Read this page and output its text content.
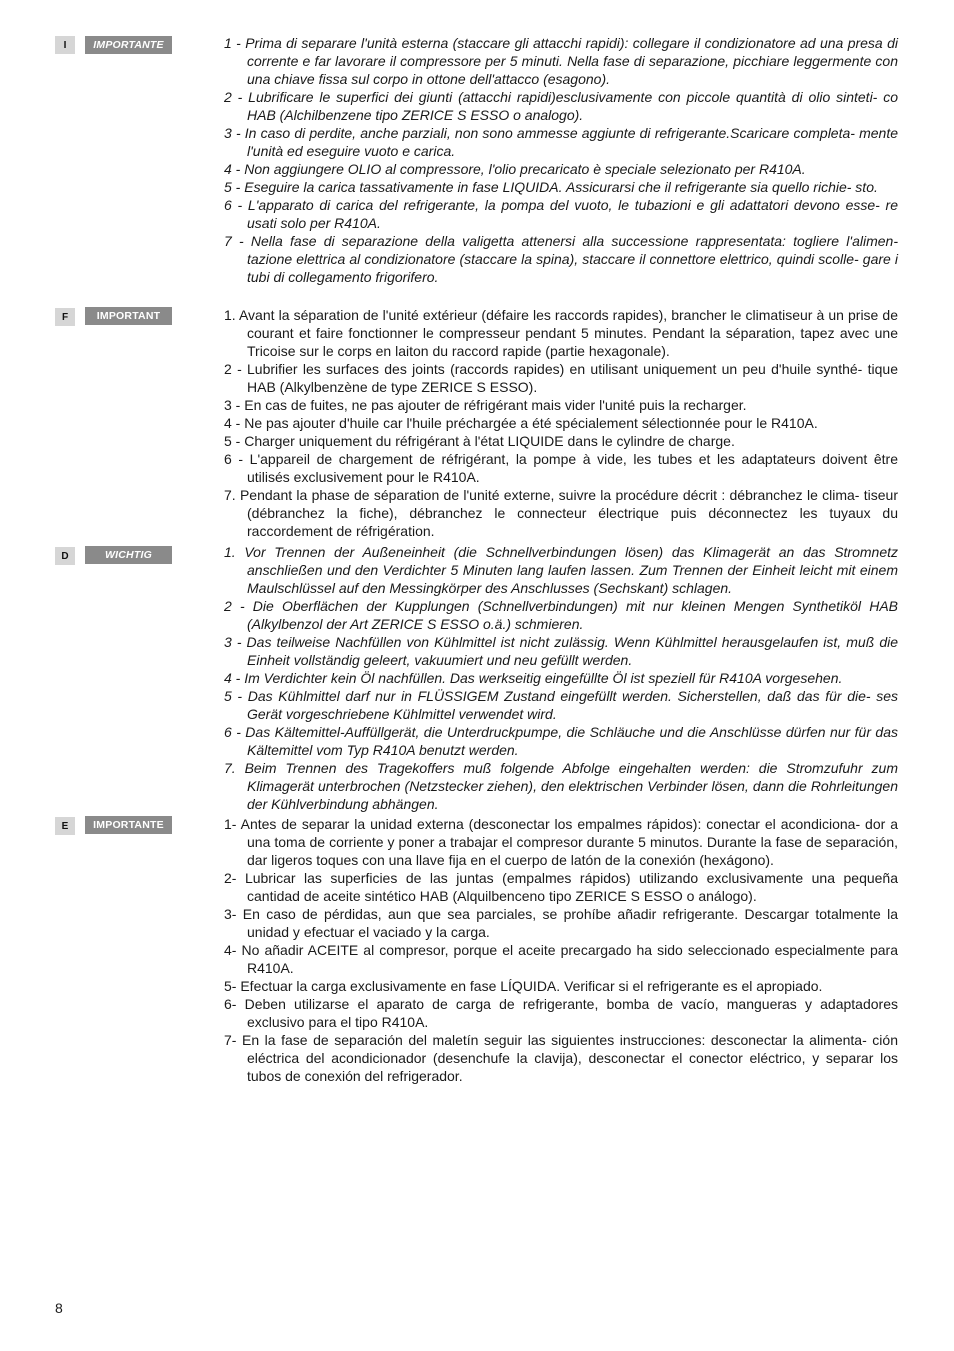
I	IMPORTANTE	1 - Prima di separare l'unità esterna (staccare gli attacchi rapidi): collegare il condizionatore ad una presa di corrente e far lavorare il compressore per 5 minuti. Nella fase di separazione, picchiare leggermente con una chiave fissa sul corpo in ottone dell'attacco (esagono).
2 - Lubrificare le superfici dei giunti (attacchi rapidi)esclusivamente con piccole quantità di olio sinteti- co HAB (Alchilbenzene tipo ZERICE S ESSO o analogo).
3 - In caso di perdite, anche parziali, non sono ammesse aggiunte di refrigerante.Scaricare completa- mente l'unità ed eseguire vuoto e carica.
4 - Non aggiungere OLIO al compressore, l'olio precaricato è speciale selezionato per R410A.
5 - Eseguire la carica tassativamente in fase LIQUIDA. Assicurarsi che il refrigerante sia quello richie- sto.
6 - L'apparato di carica del refrigerante, la pompa del vuoto, le tubazioni e gli adattatori devono esse- re usati solo per R410A.
7 - Nella fase di separazione della valigetta attenersi alla successione rappresentata: togliere l'alimen- tazione elettrica al condizionatore (staccare la spina), staccare il connettore elettrico, quindi scolle- gare i tubi di collegamento frigorifero.
F	IMPORTANT	1. Avant la séparation de l'unité extérieur (défaire les raccords rapides), brancher le climatiseur à un prise de courant et faire fonctionner le compresseur pendant 5 minutes. Pendant la séparation, tapez avec une Tricoise sur le corps en laiton du raccord rapide (partie hexagonale).
2 - Lubrifier les surfaces des joints (raccords rapides) en utilisant uniquement un peu d'huile synthé- tique HAB (Alkylbenzène de type ZERICE S ESSO).
3 - En cas de fuites, ne pas ajouter de réfrigérant mais vider l'unité puis la recharger.
4 - Ne pas ajouter d'huile car l'huile préchargée a été spécialement sélectionnée pour le R410A.
5 - Charger uniquement du réfrigérant à l'état LIQUIDE dans le cylindre de charge.
6 - L'appareil de chargement de réfrigérant, la pompe à vide, les tubes et les adaptateurs doivent être utilisés exclusivement pour le R410A.
7. Pendant la phase de séparation de l'unité externe, suivre la procédure décrit : débranchez le clima- tiseur (débranchez la fiche), débranchez le connecteur électrique puis déconnectez les tuyaux du raccordement de réfrigération.
D	WICHTIG	1. Vor Trennen der Außeneinheit (die Schnellverbindungen lösen) das Klimagerät an das Stromnetz anschließen und den Verdichter 5 Minuten lang laufen lassen. Zum Trennen der Einheit leicht mit einem Maulschlüssel auf den Messingkörper des Anschlusses (Sechskant) schlagen.
2 - Die Oberflächen der Kupplungen (Schnellverbindungen) mit nur kleinen Mengen Synthetiköl HAB (Alkylbenzol der Art ZERICE S ESSO o.ä.) schmieren.
3 - Das teilweise Nachfüllen von Kühlmittel ist nicht zulässig. Wenn Kühlmittel herausgelaufen ist, muß die Einheit vollständig geleert, vakuumiert und neu gefüllt werden.
4 - Im Verdichter kein Öl nachfüllen. Das werkseitig eingefüllte Öl ist speziell für R410A vorgesehen.
5 - Das Kühlmittel darf nur in FLÜSSIGEM Zustand eingefüllt werden. Sicherstellen, daß das für die- ses Gerät vorgeschriebene Kühlmittel verwendet wird.
6 - Das Kältemittel-Auffüllgerät, die Unterdruckpumpe, die Schläuche und die Anschlüsse dürfen nur für das Kältemittel vom Typ R410A benutzt werden.
7. Beim Trennen des Tragekoffers muß folgende Abfolge eingehalten werden: die Stromzufuhr zum Klimagerät unterbrochen (Netzstecker ziehen), den elektrischen Verbinder lösen, dann die Rohrleitungen der Kühlverbindung abhängen.
E	IMPORTANTE	1- Antes de separar la unidad externa (desconectar los empalmes rápidos): conectar el acondiciona- dor a una toma de corriente y poner a trabajar el compresor durante 5 minutos. Durante la fase de separación, dar ligeros toques con una llave fija en el cuerpo de latón de la conexión (hexágono).
2- Lubricar las superficies de las juntas (empalmes rápidos) utilizando exclusivamente una pequeña cantidad de aceite sintético HAB (Alquilbenceno tipo ZERICE S ESSO o análogo).
3- En caso de pérdidas, aun que sea parciales, se prohíbe añadir refrigerante. Descargar totalmente la unidad y efectuar el vaciado y la carga.
4- No añadir ACEITE al compresor, porque el aceite precargado ha sido seleccionado especialmente para R410A.
5- Efectuar la carga exclusivamente en fase LÍQUIDA. Verificar si el refrigerante es el apropiado.
6- Deben utilizarse el aparato de carga de refrigerante, bomba de vacío, mangueras y adaptadores exclusivo para el tipo R410A.
7- En la fase de separación del maletín seguir las siguientes instrucciones: desconectar la alimenta- ción eléctrica del acondicionador (desenchufe la clavija), desconectar el conector eléctrico, y separar los tubos de conexión del refrigerador.
8
